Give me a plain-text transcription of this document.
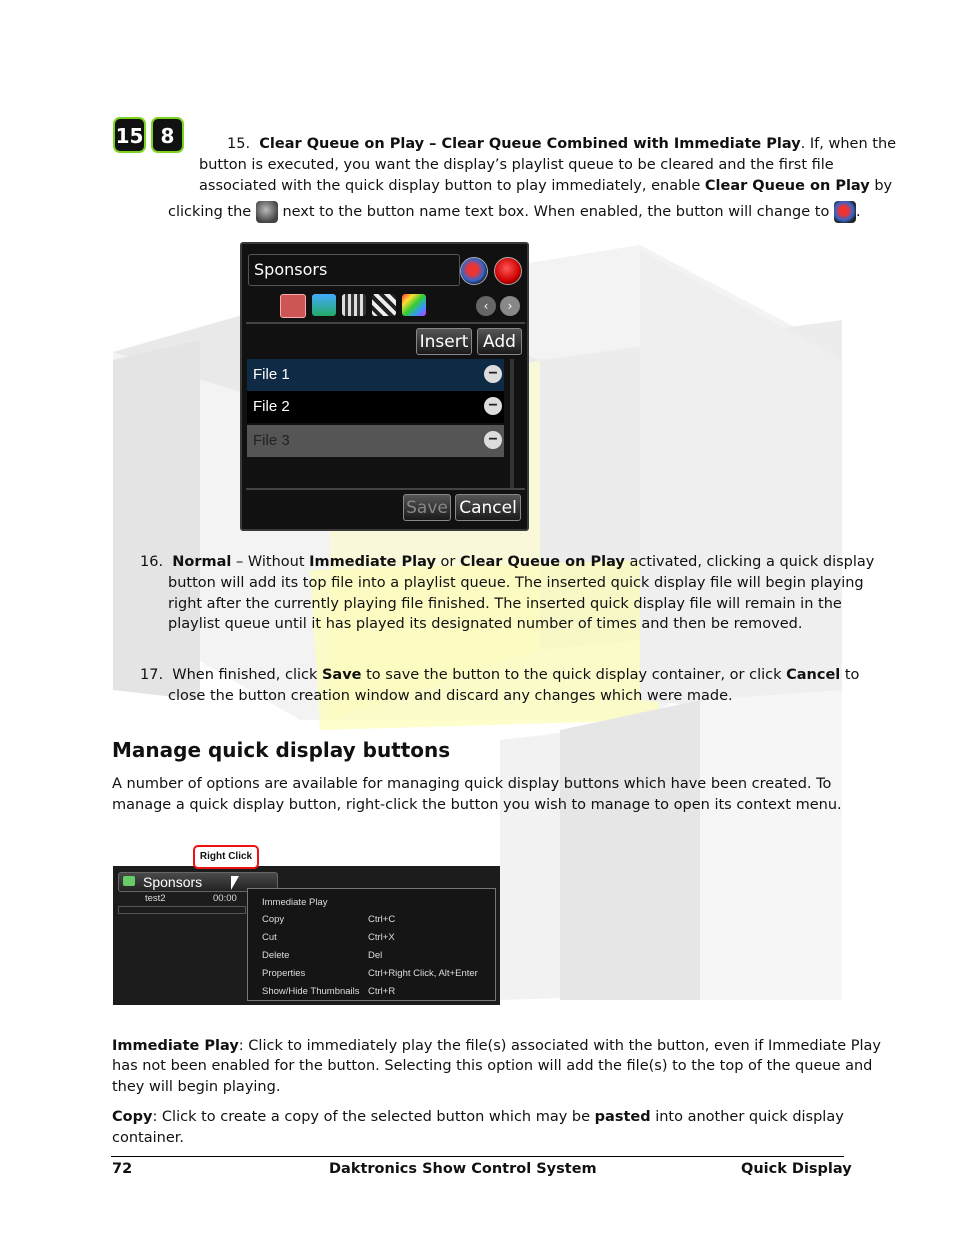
15 8	15. Clear Queue on Play – Clear Queue Combined with Immediate Play. If, when the
button is executed, you want the display’s playlist queue to be cleared and the first file
associated with the quick display button to play immediately, enable Clear Queue on Play by
clicking the next to the button name text box. When enabled, the button will change to .
Sponsors
‹	›
Insert Add
File 1	−
File 2	−
File 3	−
Save Cancel
16. Normal – Without Immediate Play or Clear Queue on Play activated, clicking a quick display
button will add its top file into a playlist queue. The inserted quick display file will begin playing
right after the currently playing file finished. The inserted quick display file will remain in the
playlist queue until it has played its designated number of times and then be removed.
17. When finished, click Save to save the button to the quick display container, or click Cancel to
close the button creation window and discard any changes which were made.
Manage quick display buttons
A number of options are available for managing quick display buttons which have been created. To
manage a quick display button, right-click the button you wish to manage to open its context menu.
Sponsors
test2	00:00	Immediate Play
Copy	Ctrl+C
Cut	Ctrl+X
Delete	Del
Properties	Ctrl+Right Click, Alt+Enter
Show/Hide Thumbnails Ctrl+R
Right Click
Immediate Play: Click to immediately play the file(s) associated with the button, even if Immediate Play
has not been enabled for the button. Selecting this option will add the file(s) to the top of the queue and
they will begin playing.
Copy: Click to create a copy of the selected button which may be pasted into another quick display
container.
72	Daktronics Show Control System	Quick Display
